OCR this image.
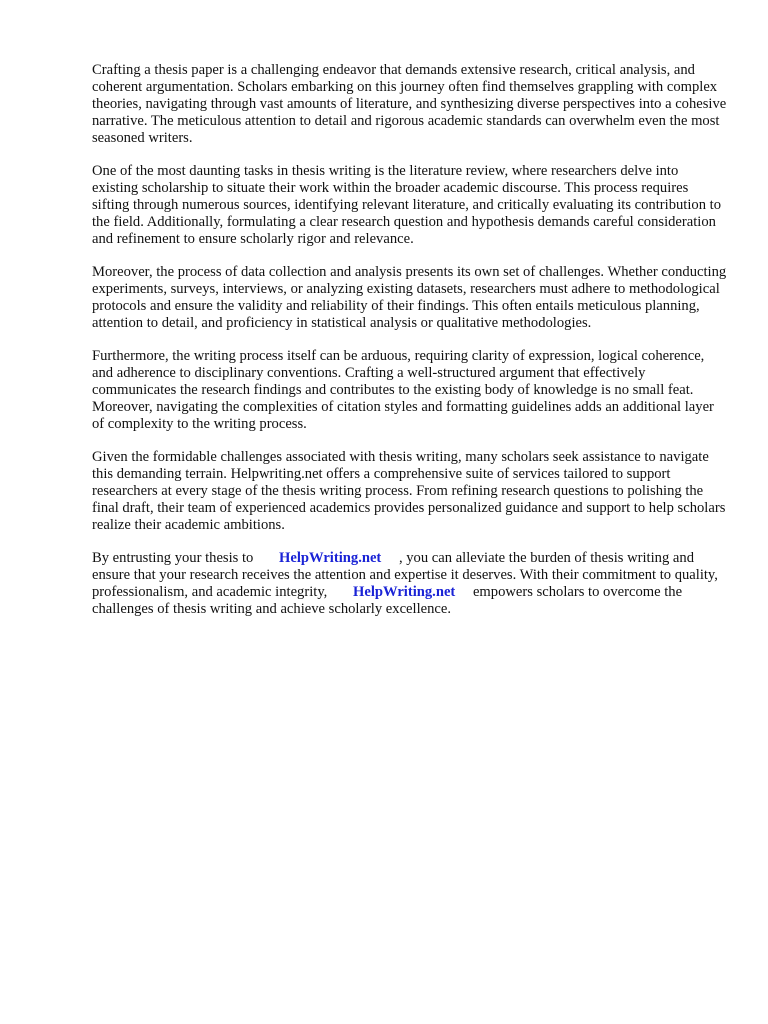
Crafting a thesis paper is a challenging endeavor that demands extensive research, critical analysis, and coherent argumentation. Scholars embarking on this journey often find themselves grappling with complex theories, navigating through vast amounts of literature, and synthesizing diverse perspectives into a cohesive narrative. The meticulous attention to detail and rigorous academic standards can overwhelm even the most seasoned writers.

One of the most daunting tasks in thesis writing is the literature review, where researchers delve into existing scholarship to situate their work within the broader academic discourse. This process requires sifting through numerous sources, identifying relevant literature, and critically evaluating its contribution to the field. Additionally, formulating a clear research question and hypothesis demands careful consideration and refinement to ensure scholarly rigor and relevance.

Moreover, the process of data collection and analysis presents its own set of challenges. Whether conducting experiments, surveys, interviews, or analyzing existing datasets, researchers must adhere to methodological protocols and ensure the validity and reliability of their findings. This often entails meticulous planning, attention to detail, and proficiency in statistical analysis or qualitative methodologies.

Furthermore, the writing process itself can be arduous, requiring clarity of expression, logical coherence, and adherence to disciplinary conventions. Crafting a well-structured argument that effectively communicates the research findings and contributes to the existing body of knowledge is no small feat. Moreover, navigating the complexities of citation styles and formatting guidelines adds an additional layer of complexity to the writing process.

Given the formidable challenges associated with thesis writing, many scholars seek assistance to navigate this demanding terrain. Helpwriting.net offers a comprehensive suite of services tailored to support researchers at every stage of the thesis writing process. From refining research questions to polishing the final draft, their team of experienced academics provides personalized guidance and support to help scholars realize their academic ambitions.

By entrusting your thesis to HelpWriting.net , you can alleviate the burden of thesis writing and ensure that your research receives the attention and expertise it deserves. With their commitment to quality, professionalism, and academic integrity, HelpWriting.net empowers scholars to overcome the challenges of thesis writing and achieve scholarly excellence.
